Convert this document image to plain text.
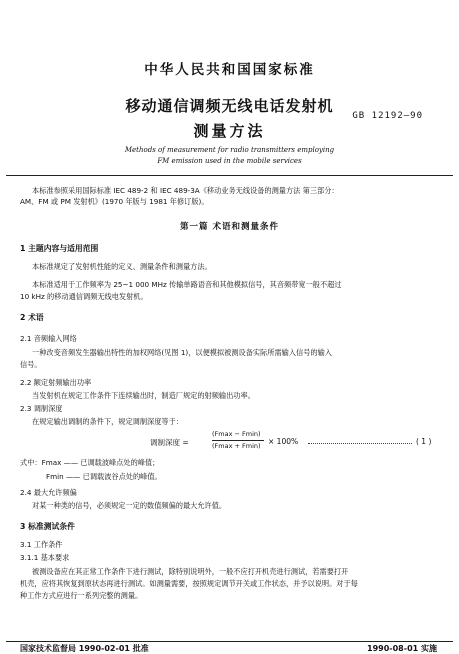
中华人民共和国国家标准
移动通信调频无线电话发射机
测量方法
GB 12192—90
Methods of measurement for radio transmitters employing
FM emission used in the mobile services
本标准参照采用国际标准 IEC 489-2 和 IEC 489-3A《移动业务无线设备的测量方法 第三部分：
AM、FM 或 PM 发射机》(1970 年版与 1981 年修订版)。
第一篇 术语和测量条件
1 主题内容与适用范围
本标准规定了发射机性能的定义、测量条件和测量方法。
本标准适用于工作频率为 25~1 000 MHz 传输单路语音和其他模拟信号，其音频带宽一般不超过
10 kHz 的移动通信调频无线电发射机。
2 术语
2.1 音频输入网络
一种改变音频发生器输出特性的加权网络(见图 1)，以便模拟被测设备实际所需输入信号的输入
信号。
2.2 额定射频输出功率
当发射机在规定工作条件下连续输出时，制造厂规定的射频输出功率。
2.3 调制深度
在规定输出调制的条件下，规定调制深度等于：
调制深度 =
(Fmax − Fmin)
(Fmax + Fmin) × 100%	( 1 )
式中：Fmax —— 已调载波峰点处的峰值；
Fmin —— 已调载波谷点处的峰值。
2.4 最大允许频偏
对某一种类的信号，必须规定一定的数值频偏的最大允许值。
3 标准测试条件
3.1 工作条件
3.1.1 基本要求
被测设备应在其正常工作条件下进行测试，除特别说明外，一般不应打开机壳进行测试，若需要打开
机壳，应将其恢复到原状态再进行测试。如测量需要，按照规定调节开关或工作状态，并予以说明。对于每
种工作方式应进行一系列完整的测量。
国家技术监督局 1990-02-01 批准	1990-08-01 实施
